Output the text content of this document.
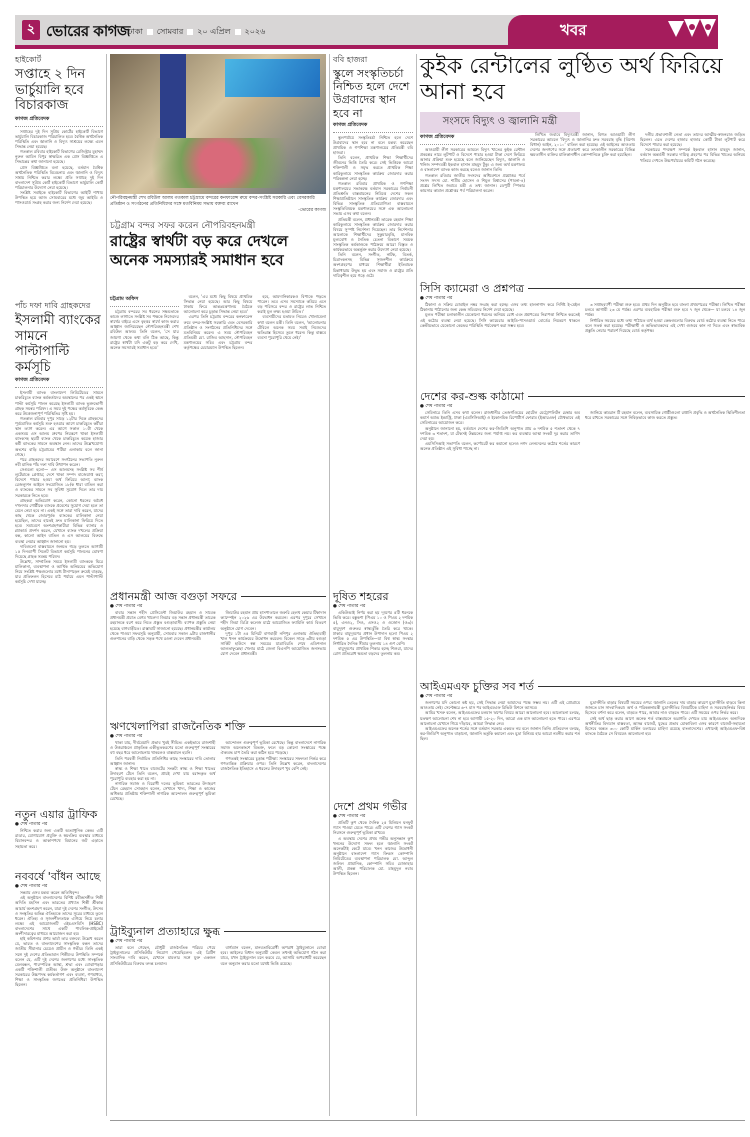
২ ভোরের কাগজ
ঢাকা সোমবার ২০ এপ্রিল ২০২৬	খবর
হাইকোর্ট
সপ্তাহে ২ দিন ভার্চুয়ালি হবে বিচারকাজ
কাগজ প্রতিবেদক

সপ্তাহের দুই দিন সুপ্রিম কোর্টের হাইকোর্ট বিভাগে ভার্চুয়ালি বিচারকাজ পরিচালিত হবে। বৈশ্বিক অর্থনৈতিক পরিস্থিতি এবং জ্বালানি ও বিদ্যুৎ সাশ্রয়ের লক্ষ্যে এমন সিদ্ধান্ত নেয়া হয়েছে।

গতকাল রবিবার হাইকোর্ট বিভাগের রেজিস্ট্রার মুহাম্মদ নুরুল আমিন বিপুর স্বাক্ষরিত এক প্রেস বিজ্ঞপ্তিতে এ সিদ্ধান্তের কথা জানানো হয়েছে।

প্রেস বিজ্ঞপ্তিতে বলা হয়েছে, বর্তমান বৈশ্বিক অর্থনৈতিক পরিস্থিতি বিবেচনায় এবং জ্বালানি ও বিদ্যুৎ সাশ্রয় নিশ্চিত করার লক্ষ্যে প্রতি সপ্তাহে দুই দিন বাংলাদেশ সুপ্রিম কোর্ট হাইকোর্ট বিভাগে ভার্চুয়ালি কোর্ট পরিচালনার উদ্যোগ নেয়া হয়েছে।

সংশ্লিষ্ট সবাইকে হাইকোর্ট বিভাগের আইটি শাখায় উপস্থিত হয়ে আজ সোমবারের মধ্যে জুম আইডি ও পাসওয়ার্ড সংগ্রহ করার জন্য নির্দেশ দেয়া হয়েছে।

পাঁচ দফা দাবি গ্রাহকদের
ইসলামী ব্যাংকের সামনে পাল্টাপাল্টি কর্মসূচি
কাগজ প্রতিবেদক

ইসলামী ব্যাংক বাংলাদেশ লিমিটেডের সামনে চাকরিচ্যুত ব্যাংক কর্মকর্তাদের অবস্থানের পর একই স্থানে পাল্টা কর্মসূচি পালন করেছে ইসলামী ব্যাংক ভুক্তভোগী গ্রাহক সমন্বয় পরিষদ। এ সময় দুই পক্ষের কর্মসূচিকে কেন্দ্র করে উত্তেজনাপূর্ণ পরিস্থিতির সৃষ্টি হয়।

গতকাল রবিবার দুপুর সাড়ে ১২টার দিকে গ্রাহকদের পূর্বঘোষিত কর্মসূচি শুরু হওয়ার আগে চাকরিচ্যুত কর্মীরা স্থান ত্যাগ করেন। এর আগে সকাল ১০টা থেকে একসময় এস আলম গ্রুপের নিয়ন্ত্রণে থাকা ইসলামী ব্যাংকসহ ছয়টি ব্যাংক থেকে চাকরিচ্যুত কয়েক হাজার কর্মী ব্যাংকের সামনে অবস্থান নেন। তাদের উল্লেখযোগ্য অংশের বাড়ি চট্টগ্রামের পটিয়া এলাকায় বলে জানা গেছে।

পরে গ্রাহকদের সমাবেশে সংগঠনের সভাপতি নুরুল নবী মানিক পাঁচ দফা দাবি উত্থাপন করেন।

সেগুলো হলো— এস আলমসহ সংশ্লিষ্ট সব শীর্ষ লুটেরাকে গ্রেপ্তার; দেশে থাকা সম্পদ বাজেয়াপ্ত করা; বিদেশে পাচার হওয়া অর্থ ফিরিয়ে আনা; ব্যাংক রেজল্যুশন আইনে সংযোজিত ১৮/ক ধারা বাতিল করা ও ব্যাংকের সামনে সব সুবিধা সুযোগ দিলে তার দায় সরকারকে নিতে হবে।

গ্রাহকরা অভিযোগ করেন, কোনো ধরনের অবৈধ দখলদার গোষ্ঠীকে ব্যাংকে প্রবেশের সুযোগ দেয়া হলে তা মেনে নেয়া হবে না। একই সঙ্গে তারা দাবি করেন, যাদের কাছ থেকে জোরপূর্বক ব্যাংকের মালিকানা নেয়া হয়েছিল, তাদের হাতেই দ্রুত মালিকানা ফিরিয়ে দিতে হবে। সমাবেশে অংশগ্রহণকারীরা বিভিন্ন ব্যানার ও প্ল্যাকার্ড প্রদর্শন করেন, যেখানে ব্যাংক দখলের প্রক্রিয়া বন্ধ, কালো আইন বাতিল ও এস আলমের বিরুদ্ধে ব্যবস্থা নেয়ার আহ্বান জানানো হয়।

দাবিগুলো বাস্তবায়নে জনমত গড়ে তুলতে আগামী ১৫ দিনব্যাপী সিলেট বিভাগে কর্মসূচি পালনের ঘোষণা দিয়েছে গ্রাহক সমন্বয় পরিষদ।

উল্লেখ্য, সাম্প্রতিক সময়ে ইসলামী ব্যাংককে ঘিরে মালিকানা, ব্যবস্থাপনা ও আর্থিক অনিয়মের অভিযোগ নিয়ে সংশ্লিষ্ট পক্ষগুলোর মধ্যে টানাপড়েন ক্রমেই বাড়ছে, যার প্রতিফলন হিসেবে মাঠ পর্যায়ে এমন পাল্টাপাল্টি কর্মসূচি দেখা যাচ্ছে।

নতুন এয়ার ট্রাফিক
● শেষ পাতার পর

নিশ্চিত করার জন্য একটি অত্যাধুনিক কেন্দ্র। এটি রাডার, যোগাযোগ প্রযুক্তি ও স্বয়ংক্রিয় ব্যবস্থার মাধ্যমে বিমানবন্দর ও আকাশপথে বিমানের জট এড়াতে সহায়তা করে।

নববর্ষে 'বাঁধন আছে
● শেষ পাতার পর

সন্ধ্যায় এসব মন্তব্য করেন অতিথিবৃন্দ।

এই অনুষ্ঠানে বাংলাদেশের বিশিষ্ট রবীন্দ্রসঙ্গীত শিল্পী অদিতি মহসিন এবং ভারতের প্রখ্যাত শিল্পী শ্রীকান্ত আচার্য অংশগ্রহণ করেন, যারা দুই দেশের সংগীত, উৎসব ও সংস্কৃতির অভিন্ন ঐতিহ্যকে তাদের সুরের মাধ্যমে তুলে ধরেন। ঐতিহ্য ও সৃজনশীলতাকে এগিয়ে নিয়ে চলার লক্ষ্যে এই আয়োজনটি এইচএসবিসি (HSBC) বাংলাদেশের সাথে একটি পাবলিক-প্রাইভেট অংশীদারত্বের মাধ্যমে আয়োজন করা হয়।

হাই কমিশনার প্রণয় ভার্মা তার বক্তব্যে উল্লেখ করেন যে, ভারত ও বাংলাদেশের সাংস্কৃতিক বন্ধন তাদের জাতীয় সীমানার চেয়েও প্রাচীন ও গভীর। তিনি একই সঙ্গে দুই দেশের প্রতিভাবান শিল্পীদের উপস্থিতি সম্পর্কে বলেন যে, এটি দুই দেশের জনগণের মধ্যে সাংস্কৃতিক মেলবন্ধন, পারস্পরিক আস্থা, শ্রদ্ধা এবং বোঝাপড়ার একটি শক্তিশালী প্রতীক। উক্ত অনুষ্ঠানে বাংলাদেশ সরকারের উচ্চপদস্থ কর্মকর্তাগণ এবং ব্যবসা, গণমাধ্যম, শিক্ষা ও সাংস্কৃতিক জগতের প্রতিনিধিরা উপস্থিত ছিলেন।

নৌপরিবহনমন্ত্রী শেখ রবিউল আলম গতকাল চট্টগ্রামে বন্দরের কনফারেন্স রুমে বন্দর-সংশ্লিষ্ট সরকারি এবং বেসরকারি প্রতিষ্ঠান ও সংগঠনের প্রতিনিধিদের সঙ্গে মতবিনিময় সভায় বক্তব্য রাখেন
-ভোরের কাগজ
চট্টগ্রাম বন্দর সফর করেন নৌপরিবহনমন্ত্রী
রাষ্ট্রের স্বার্থটা বড় করে দেখলে অনেক সমস্যারই সমাধান হবে
চট্টগ্রাম অফিস

চট্টগ্রাম বন্দরের সব ধরনের সক্ষমতাকে কাজে লাগাতে সংশ্লিষ্ট সব পক্ষকে নিজেদের স্বার্থের বাইরে এসে বৃহত্তর স্বার্থে কাজ করার আহ্বান জানিয়েছেন নৌপরিবহনমন্ত্রী শেখ রবিউল আলম। তিনি বলেন, 'সে যার জায়গা থেকে কথা বলি ঠিক আছে, কিন্তু রাষ্ট্রের স্বার্থটা যদি একটু বড় করে দেখি, অনেক সমস্যারই সমাধান হবে।'

বলেন, 'এর মধ্যে কিছু বিষয়ে প্রাথমিক সিদ্ধান্ত নেয়া হয়েছে। আর কিছু বিষয়ে ঢাকায় ফিরে আন্তঃমন্ত্রণালয় বৈঠকে আলোচনা করে চূড়ান্ত সিদ্ধান্ত নেয়া হবে।'

এরপর তিনি চট্টগ্রাম বন্দরের কনফারেন্স রুমে বন্দর-সংশ্লিষ্ট সরকারি এবং বেসরকারি প্রতিষ্ঠান ও সংগঠনের প্রতিনিধিদের সঙ্গে মতবিনিময় করেন। এ সময় নৌপরিবহন প্রতিমন্ত্রী মো. রাজিব আহসান, নৌপরিবহন মন্ত্রণালয়ের সচিব এবং চট্টগ্রাম বন্দর কর্তৃপক্ষের চেয়ারম্যান উপস্থিত ছিলেন।

হবে, আমদানিকারকও বিপাকে পড়তে পারেন। তবে এসব সমস্যাকে কমিয়ে এনে বড় পরিসরে বন্দর ও রাষ্ট্রের লাভ নিশ্চিত করাই মূল লক্ষ্য হওয়া উচিত।'

ব্যবসায়ীদের মতামত নিয়েও খোলামেলা কথা বলেন মন্ত্রী। তিনি বলেন, 'আলোচনার টেবিলে অনেক সময় সবাই নিজেদের ক্ষতিগ্রস্ত হিসেবে তুলে ধরেন। কিন্তু বাস্তবে ব্যবসা পুরোপুরি থেমে নেই।'

প্রধানমন্ত্রী আজ বগুড়া সফরে
● শেষ পাতার পর

বাবার সন্তান শহীদ প্রেসিডেন্ট জিয়াউর রহমান ও সাবেক প্রধানমন্ত্রী প্রয়াত বেগম খালেদা জিয়ার বড় সন্তান প্রধানমন্ত্রী তারেক রহমানকে বরণ করে নিতে প্রস্তুত বগুড়াবাসী। ব্যাপক প্রস্তুতি নেয়া হয়েছে বাগবাড়ীতে। রাস্তাঘাট সাজানো হয়েছে। প্রধানমন্ত্রীর কার্যালয় থেকে পাওয়া সফরসূচি অনুযায়ী, সোমবার সকাল ৯টায় রাজধানীর গুলশানের বাড়ি থেকে সড়ক পথে রওনা দেবেন প্রধানমন্ত্রী।

জিয়াউর রহমান প্রায় হাসপাতালে জরুরি হেলথ কেয়ার টিকাদান ক্যাম্পেইন ২০২৬ এর উদ্বোধন করবেন। এরপর দুপুরে সেখানে শহীদ জিয়া ডিগ্রি কলেজ মাঠে আয়োজিত ফ্যামিলি কার্ড বিতরণ অনুষ্ঠানে যোগ দেবেন।

দুপুর ১টা ৪৫ মিনিটে বাগবাড়ী নশিপুর এলাকায় ঐতিহ্যবাহী খাল খনন কার্যক্রমের উদ্বোধন করবেন। বিকেল সাড়ে ৩টায় বগুড়া সার্কিট হাউসে স্বল্প সময়ের যাত্রাবিরতি শেষে এডিশনাল আলতাফুন্নেছা খেলার মাঠে জেলা বিএনপি আয়োজিত জনসভায় যোগ দেবেন প্রধানমন্ত্রী।

ঋণখেলাপিরা রাজনৈতিক শক্তি
● শেষ পাতার পর

থাকা যায়, দীর্ঘমেয়াদি প্রভাব খুবই সীমিত। একইভাবে রাজশাহী ও উত্তরাঞ্চলে প্রাকৃতিক একীভূতকরণের মতো গুরুত্বপূর্ণ সংস্কারের বহু বছর ধরে আলোচনায় থাকলেও বাস্তবায়ন হয়নি।

তিনি পরবর্তী নির্বাচিত প্রতিনিধির কাছে সংস্কারের দাবি তোলার আহ্বান জানান।

স্বাস্থ্য ও শিক্ষা খাতে বাজেটের সংকট: স্বাস্থ্য ও শিক্ষা খাতের উদাহরণ টেনে তিনি বলেন, প্রায়ই দেখা যায় বরাদ্দকৃত অর্থ পুরোপুরি ব্যবহার করা হয় না।

নাগরিক সমাজ ও বিরোধী দলের ভূমিকা: ভারতের উদাহরণ টেনে রেহমান সোবহান বলেন, সেখানে খাদ্য, শিক্ষা ও কাজের অধিকার প্রতিষ্ঠায় শক্তিশালী নাগরিক আন্দোলন গুরুত্বপূর্ণ ভূমিকা রেখেছে।

আন্দোলন গুরুত্বপূর্ণ ভূমিকা রেখেছে। কিন্তু বাংলাদেশে নাগরিক সমাজ অনেকাংশে বিভক্ত, ফলে বড় কোনো সংস্কারের পক্ষে ঐক্যবদ্ধ চাপ তৈরি করা কঠিন হয়ে পড়েছে।

গণতন্ত্রই সংস্কারের চূড়ান্ত পরীক্ষা: সংস্কারের সফলতা নির্ভর করে গণতান্ত্রিক প্রক্রিয়ার ওপর। তিনি উল্লেখ করেন, বাংলাদেশের রাজনৈতিক ইতিহাসে এ ধরনের উদাহরণ খুব বেশি নেই।

ট্রাইব্যুনাল প্রত্যাহারে ক্ষুব্ধ
● শেষ পাতার পর

তারা বলে গেছেন, চৌধুরী রাজনৈতিক পরিচয় পেয়ে ট্রাইব্যুনালের প্রসিকিউটর নিয়োগ পেয়েছিলেন। এই ব্রিটিশ সাংবাদিক দাবি করেন, যেখানে মামলার সঙ্গে যুক্ত একজন প্রসিকিউটরের বিরুদ্ধে তদন্ত চলমান।

বার্গম্যান বলেন, মানবতাবিরোধী অপরাধ ট্রাইব্যুনালে বোঝা হবে। আইনের বিধান অনুযায়ী কেবল তখনই অভিযোগ গঠন করা যাবে, যখন ট্রাইব্যুনাল মনে করবে যে, আসামি অপরাধটি করেছেন বলে অনুমান করার মতো যথেষ্ট ভিত্তি রয়েছে।

ববি হাজরা
স্কুলে সংস্কৃতিচর্চা নিশ্চিত হলে দেশে উগ্রবাদের স্থান হবে না
কাগজ প্রতিবেদক

স্কুলপর্যায়ে সংস্কৃতিচর্চা নিশ্চিত হলে দেশে উগ্রবাদের স্থান হবে না বলে মন্তব্য করেছেন প্রাথমিক ও গণশিক্ষা মন্ত্রণালয়ের প্রতিমন্ত্রী ববি হাজরা।

তিনি বলেন, প্রাথমিক শিক্ষা শিক্ষার্থীদের জীবনের ভিত্তি তৈরি করে। সেই ভিত্তিকে আরো শক্তিশালী ও সমৃদ্ধ করতে প্রাথমিক শিক্ষা কারিকুলামে সাংস্কৃতিক কার্যক্রম জোরদার করার পরিকল্পনা নেয়া হচ্ছে।

গতকাল রবিবার প্রাথমিক ও গণশিক্ষা মন্ত্রণালয়ের সভাকক্ষে বর্তমান সরকারের নির্বাচনী প্রতিশ্রুতি বাস্তবায়নের নিমিত্তে দেশের সকল শিক্ষাপ্রতিষ্ঠানে সাংস্কৃতিক কার্যক্রম জোরদার এবং বিভিন্ন সাংস্কৃতিক প্রতিযোগিতা বাস্তবায়নে সংস্কৃতিবিষয়ক মন্ত্রণালয়ের সঙ্গে এক আলোচনা সভায় এসব কথা বলেন।

প্রতিমন্ত্রী বলেন, প্রধানমন্ত্রী তারেক রহমান শিক্ষা কারিকুলামে সাংস্কৃতিক কার্যক্রম জোরদার করার বিষয়ে সুস্পষ্ট নির্দেশনা দিয়েছেন। তার নির্দেশনার আলোকে শিক্ষার্থীদের সুকুমারবৃত্তি, মানবিক মূল্যবোধ ও নৈতিক চেতনা বিকাশে সময়ক সাংস্কৃতিক কর্মকাণ্ডকে পাঠক্রমে আরো বিস্তৃত ও কার্যকরভাবে অন্তর্ভুক্ত করার উদ্যোগ নেয়া হয়েছে।

তিনি বলেন, সংগীত, নাটক, বিতর্ক, চিত্রাংকনসহ বিভিন্ন সৃজনশীল কার্যক্রমে অংশগ্রহণের মাধ্যমে শিক্ষার্থীরা ইতিবাচক চিন্তাধারায় উদ্বুদ্ধ হয় এবং সমাজ ও রাষ্ট্রের প্রতি দায়িত্বশীল হয়ে গড়ে ওঠে।

দূষিত শহরের
● শেষ পাতার পর

একিউআই নির্ণয় করা হয় দূষণের ৫টি ধরনকে ভিত্তি করে। বস্তুকণা (পিএম ১০ ও পিএম ২ দশমিক ৫), এনও২, সিও, এসও২ ও ওজোন (ও৩)। বায়ুদূষণ গুরুতর স্বাস্থ্যঝুঁকি তৈরি করে থাকে। ঢাকার বায়ুদূষণের প্রধান উপাদান হলো পিএম ২ দশমিক ৫ এর উপস্থিতি—যা বিশ্ব স্বাস্থ্য সংস্থার নির্ধারিত দৈনিক সীমার তুলনায় ১৪ গুণ বেশি।

বায়ুদূষণের প্রাথমিক শিকার হচ্ছে শিশুরা, যাদের রোগ প্রতিরোধ ক্ষমতা বড়দের তুলনায় কম।

দেশে প্রথম গভীর
● শেষ পাতার পর

প্রতিটি কূপ থেকে দৈনিক ২৫ মিলিয়ন ঘনফুট গ্যাস পাওয়া যেতে পারে। এটি দেশের গ্যাস সংকট নিরসনে গুরুত্বপূর্ণ ভূমিকা রাখবে।

এ অবস্থায় দেশের প্রথম গভীর অনুসন্ধান কূপ খননের উদ্যোগ সফল হলে জ্বালানি সংকট অনেকটাই কেটে যাবে। খনন কাজের উদ্বোধনী অনুষ্ঠানে বাংলাদেশ গ্যাস ফিল্ডস কোম্পানি লিমিটেডের ব্যবস্থাপনা পরিচালক মো. আব্দুল জলিল প্রামানিক, কোম্পানি সচিব মোজাহার আলী, প্রকল্প পরিচালক মো. মাহমুদুল নবাব উপস্থিত ছিলেন।

কুইক রেন্টালের লুণ্ঠিত অর্থ ফিরিয়ে আনা হবে
সংসদে বিদ্যুৎ ও জ্বালানি মন্ত্রী
কাগজ প্রতিবেদক

আওয়ামী লীগ সরকারের আমলে বিদ্যুৎ খাতের কুইক রেন্টাল প্রকল্পের নামে লুটপাট ও বিদেশে পাচার হওয়া টাকা দেশে ফিরিয়ে আনার প্রক্রিয়া শুরু হয়েছে বলে জানিয়েছেন বিদ্যুৎ, জ্বালানি ও খনিজ সম্পদমন্ত্রী ইকবাল হাসান মাহমুদ টুকু। এ জন্য অর্থ মন্ত্রণালয় ও বাংলাদেশ ব্যাংক কাজ করছে বলেও জানান তিনি।

গতকাল রবিবার জাতীয় সংসদের অধিবেশনে প্রশ্নোত্তর পর্বে সংসদ সদস্য মো. শামীম হোসেন ও শিমুল বিশ্বাসের (পাবনা-৪) প্রশ্নের লিখিত জবাবে মন্ত্রী এ তথ্য জানান। ডেপুটি স্পিকার কায়সার কামাল প্রশ্নোত্তর পর্ব পরিচালনা করেন।

লিখিত জবাবে বিদ্যুৎমন্ত্রী জানান, বিগত আওয়ামী লীগ সরকারের আমলে 'বিদ্যুৎ ও জ্বালানির দ্রুত সরবরাহ বৃদ্ধি (বিশেষ বিধান) আইন, ২০১০' বাতিল করা হয়েছে। এই আইনের আওতায় দেশের জনগণের সঙ্গে প্রতারণা করে তৎকালীন সরকারের বিভিন্ন ক্ষমতাসীন ব্যক্তির মালিকানাধীন কোম্পানিকে চুক্তি করা হয়েছিল।

দলীয় প্রভাবশালী নেতা এবং তাদের আত্মীয়-স্বজনরাও জড়িত ছিলেন। এতে দেশের হাজার হাজার কোটি টাকা লুটপাট করে বিদেশে পাচার করা হয়েছে।

সরকারের পদক্ষেপ সম্পর্কে ইকবাল হাসান মাহমুদ জানান, বর্তমান অন্তর্বর্তী সরকার দায়িত্ব গ্রহণের পর বিভিন্ন খাতের অনিয়ম খতিয়ে দেখতে উচ্চপর্যায়ের কমিটি গঠন করেছে।

সিসি ক্যামেরা ও প্রশ্নপত্র
● শেষ পাতার পর

ঠিকানা ও সক্রিয় মোবাইল নম্বর সংগ্রহ করা হচ্ছে। এসব তথ্য হালনাগাদ করে নির্দিষ্ট ই-মেইল ঠিকানায় পাঠানোর জন্য কেন্দ্র সচিবদের নির্দেশ দেয়া হয়েছে।

মূলত পরীক্ষা চলাকালীন যেকোনো ধরনের অনিয়ম রোধ এবং প্রশ্নপত্রের নিরাপত্তা নিশ্চিত করতেই এই কঠোর ব্যবস্থা নেয়া হয়েছে। সিসি ক্যামেরার আইডি-পাসওয়ার্ড বোর্ডের নিয়ন্ত্রণে থাকলে কেন্দ্রীয়ভাবে যেকোনো কেন্দ্রের পরিস্থিতি পর্যবেক্ষণ করা সম্ভব হবে।

৩ সপ্তাহব্যাপী পরীক্ষা শুরু হবে। প্রথম দিন অনুষ্ঠিত হবে বাংলা প্রথমপত্রের পরীক্ষা। লিখিত পরীক্ষা চলবে আগামী ২৩ মে পর্যন্ত। এরপর ব্যবহারিক পরীক্ষা শুরু হবে ৭ জুন থেকে— যা চলবে ১৪ জুন পর্যন্ত।

নির্ধারিত সময়ের মধ্যে তথ্য পাঠাতে ব্যর্থ হওয়া কেন্দ্রগুলোর বিরুদ্ধে বোর্ড কঠোর ব্যবস্থা নিতে পারে বলে সতর্ক করা হয়েছে। পরীক্ষার্থী ও অভিভাবকদের এই দেখা গুজবে কান না দিতে এবং স্বাভাবিক প্রস্তুতি নেয়ার পরামর্শ দিয়েছে বোর্ড কর্তৃপক্ষ।

দেশের কর-শুল্ক কাঠামো
● শেষ পাতার পর

সেমিনারে তিনি এসব কথা বলেন। রাজধানীর তেজগাঁওয়ের হোটেল মেট্রোপলিটন চেম্বার অব কমার্স অ্যান্ড ইন্ডাস্ট্রি, ঢাকা (এমসিসিআই) ও ইকোনমিক রিপোর্টার্স ফোরাম (ইআরএফ) যৌথভাবে এই সেমিনারের আয়োজন করে।

অনুষ্ঠানে জানানো হয়, বর্তমানে দেশের কর-জিডিপি অনুপাত প্রায় ৬ দশমিক ৫ শতাংশ থেকে ৭ দশমিক ৩ শতাংশ, যা টেকসই উন্নয়নের জন্য পর্যাপ্ত নয়। কর ব্যবস্থায় আস্থা সংকট দূর করার তাগিদ দেয়া হয়।

এমসিসিআই সভাপতি বলেন, কর্পোরেট কর কমানো হলেও নগদ লেনদেনের কঠোর শর্তের কারণে অনেক প্রতিষ্ঠান এই সুবিধা পাচ্ছে না।

জানিয়ে কামরান টি রহমান বলেন, ব্যবসায়িক গোষ্ঠীগুলো রপ্তানি প্রবৃদ্ধি ও অর্থনৈতিক স্থিতিশীলতা ধরে রাখতে সরকারের সঙ্গে নিবিড়ভাবে কাজ করতে প্রস্তুত।

আইএমএফ চুক্তির সব শর্ত
● শেষ পাতার পর

জনগণের যদি কোনো কষ্ট হয়, সেই সিদ্ধান্ত নেয়া আমাদের পক্ষে সম্ভব নয়। এটি এই প্রোগ্রামে আওতায় নেই। সেপ্টেম্বরে ৬-৭ মাস পর আইএমএফ রিভিউ মিশনে আসবে।

আমির খসরু বলেন, আইএমএফের চলমান ঋণের বিষয়ে আরো আলোচনা হবে। আলোচনা চলছে, যতক্ষণ আলোচনা শেষ না হবে আগামী ১৫-২০ দিন, আরো এক মাস আলোচনা হতে পারে। এরপরে আলোচনা যেখানে গিয়ে দাঁড়াবে, আমরা সিদ্ধান্ত নেব।

আইএমএফের অনেক শর্তের সঙ্গে বর্তমান সরকার একমত নয় বলে জানান তিনি। প্রতিবেদন বলছে, কর-জিডিপি অনুপাত বাড়ানো, জ্বালানি ভর্তুকি কমানো এবং মুদ্রা বিনিময় হার আরো নমনীয় করার শর্ত ছিল।

মুদ্রাস্ফীতি বাড়ার বিষয়টি সময়ের ওপর: জ্বালানি তেলের দাম বাড়ার কারণে মুদ্রাস্ফীতি বাড়বে কিনা জানতে চান সাংবাদিকরা। অর্থ ও পরিকল্পনামন্ত্রী মুদ্রাস্ফীতির বিষয়টিকে চাহিদা ও সরবরাহনির্ভর বিষয় হিসেবে বর্ণনা করে বলেন, বাড়তে পারে, আবার নাও বাড়তে পারে। এটি সময়ের ওপর নির্ভর করে।

সেই অর্থ ছাড় করার আগে অনেক শর্ত বাস্তবায়নে অগ্রগতি দেখতে চায় আইএমএফ। অন্যদিকে অর্থনীতির বিদ্যমান বাস্তবতা, আসন্ন বাজেট, যুদ্ধের প্রভাব মোকাবিলা এসব কারণে বাজেট-সহায়তা হিসেবে অন্তত ৩০০ কোটি মার্কিন ডলারের চাহিদা রয়েছে বাংলাদেশের। এখানেই আইএমএফ-বিশ্ব ব্যাংকে বৈঠকে সে বিষয়েও আলোচনা হয়।
